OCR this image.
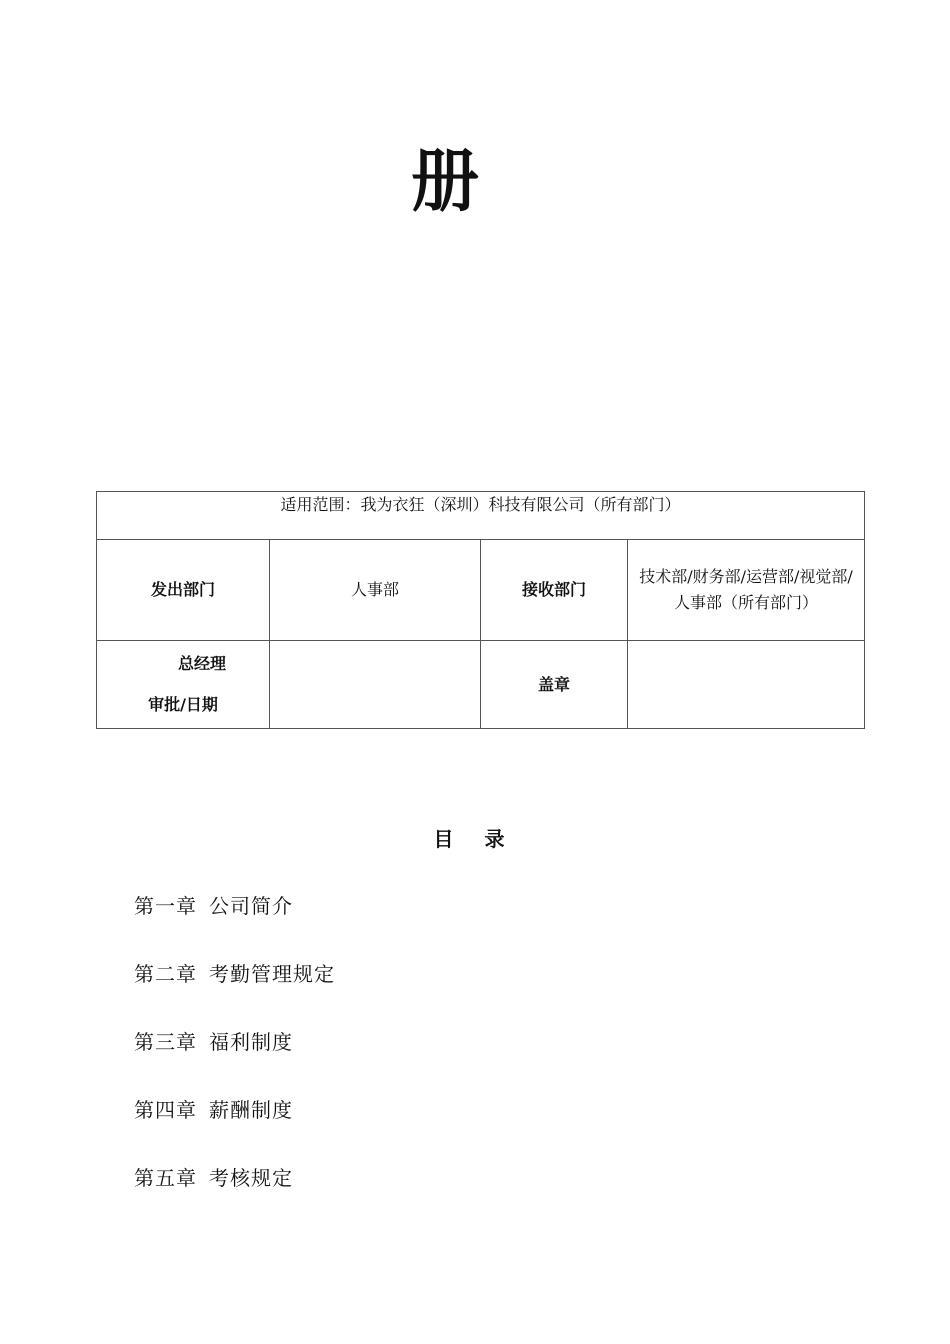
册
适用范围：我为衣狂（深圳）科技有限公司（所有部门）			
发出部门	人事部	接收部门	技术部/财务部/运营部/视觉部/人事部（所有部门）

总经理
审批/日期		盖章	
目 录
第一章 公司简介
第二章 考勤管理规定
第三章 福利制度
第四章 薪酬制度
第五章 考核规定
